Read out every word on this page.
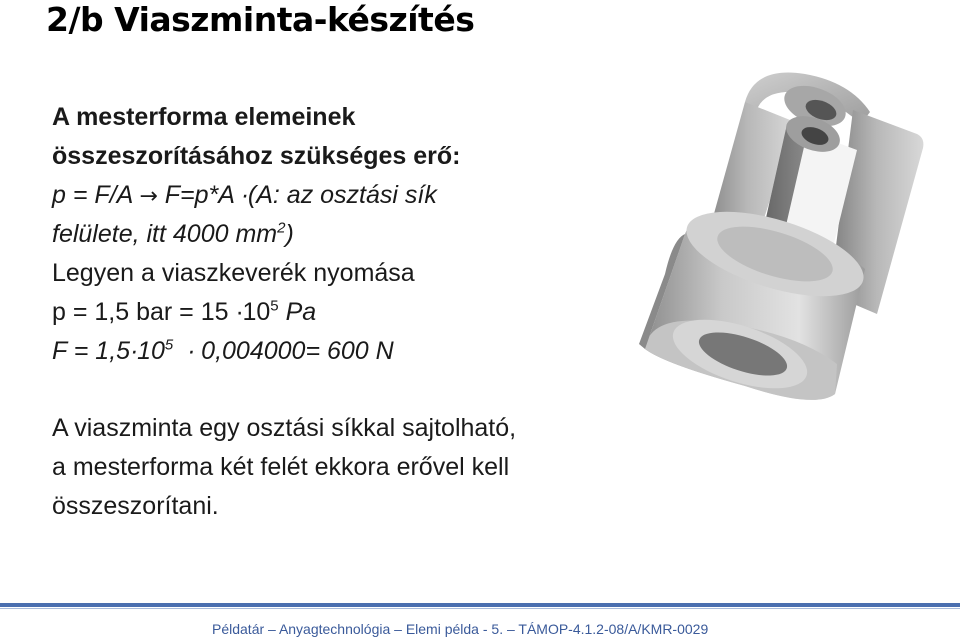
2/b Viaszminta-készítés
A mesterforma elemeinek
összeszorításához szükséges erő:
p = F/A → F=p*A ·(A: az osztási sík
felülete, itt 4000 $mm^2$)
Legyen a viaszkeverék nyomása
p = 1,5 bar = $15 \cdot 10^5$ Pa
$F = 1,5\cdot 10^5 \cdot 0,004000= 600$ N
A viaszminta egy osztási síkkal sajtolható,
a mesterforma két felét ekkora erővel kell
összeszorítani.
Példatár – Anyagtechnológia – Elemi példa - 5. – TÁMOP-4.1.2-08/A/KMR-0029
